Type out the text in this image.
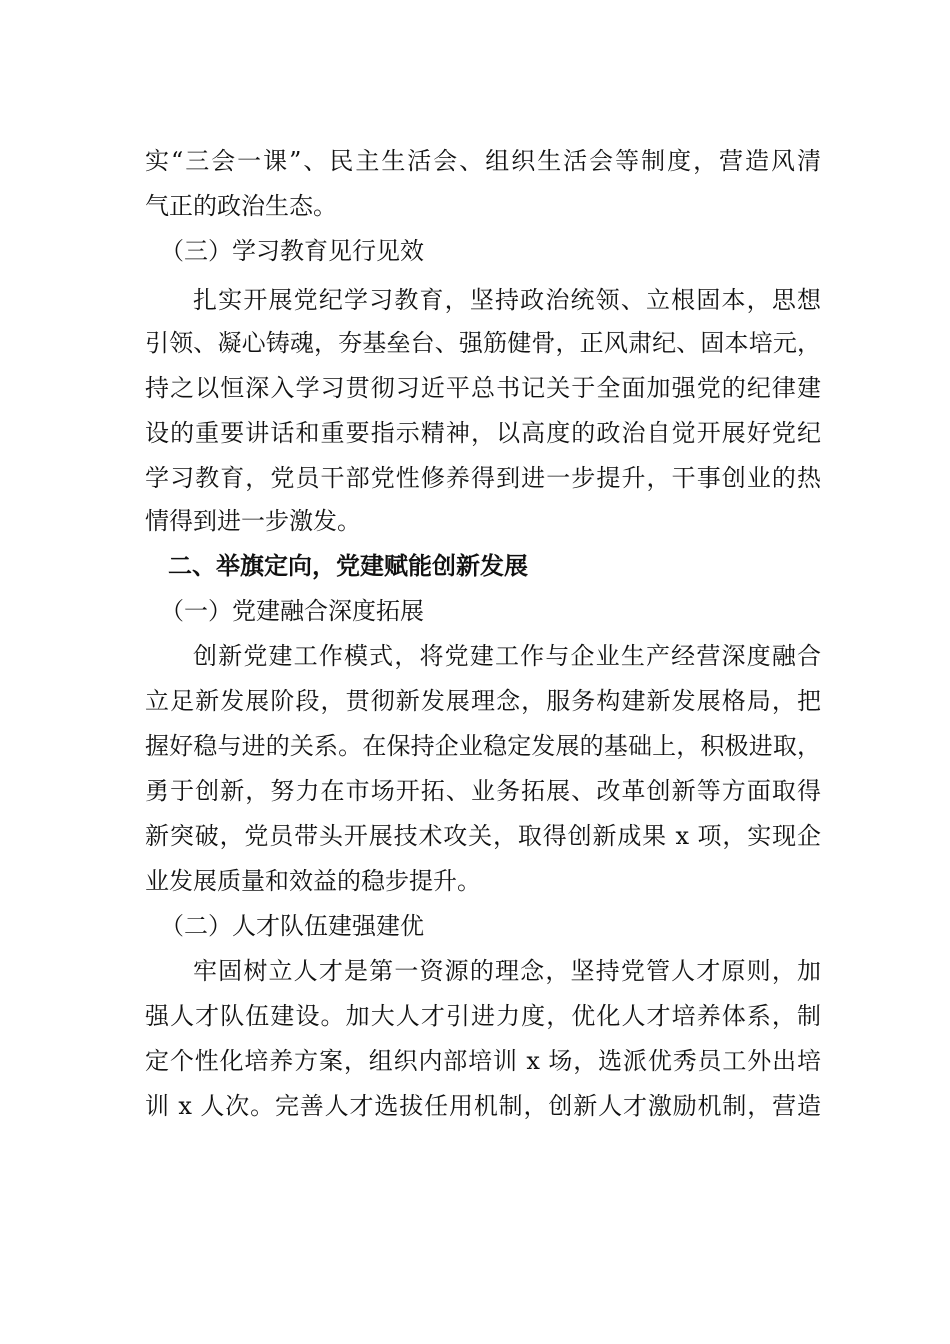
实“三会一课”、民主生活会、组织生活会等制度，营造风清
气正的政治生态。
（三）学习教育见行见效
扎实开展党纪学习教育，坚持政治统领、立根固本，思想
引领、凝心铸魂，夯基垒台、强筋健骨，正风肃纪、固本培元，
持之以恒深入学习贯彻习近平总书记关于全面加强党的纪律建
设的重要讲话和重要指示精神，以高度的政治自觉开展好党纪
学习教育，党员干部党性修养得到进一步提升，干事创业的热
情得到进一步激发。
二、举旗定向，党建赋能创新发展
（一）党建融合深度拓展
创新党建工作模式，将党建工作与企业生产经营深度融合
立足新发展阶段，贯彻新发展理念，服务构建新发展格局，把
握好稳与进的关系。在保持企业稳定发展的基础上，积极进取，
勇于创新，努力在市场开拓、业务拓展、改革创新等方面取得
新突破，党员带头开展技术攻关，取得创新成果 x 项，实现企
业发展质量和效益的稳步提升。
（二）人才队伍建强建优
牢固树立人才是第一资源的理念，坚持党管人才原则，加
强人才队伍建设。加大人才引进力度，优化人才培养体系，制
定个性化培养方案，组织内部培训 x 场，选派优秀员工外出培
训 x 人次。完善人才选拔任用机制，创新人才激励机制，营造
